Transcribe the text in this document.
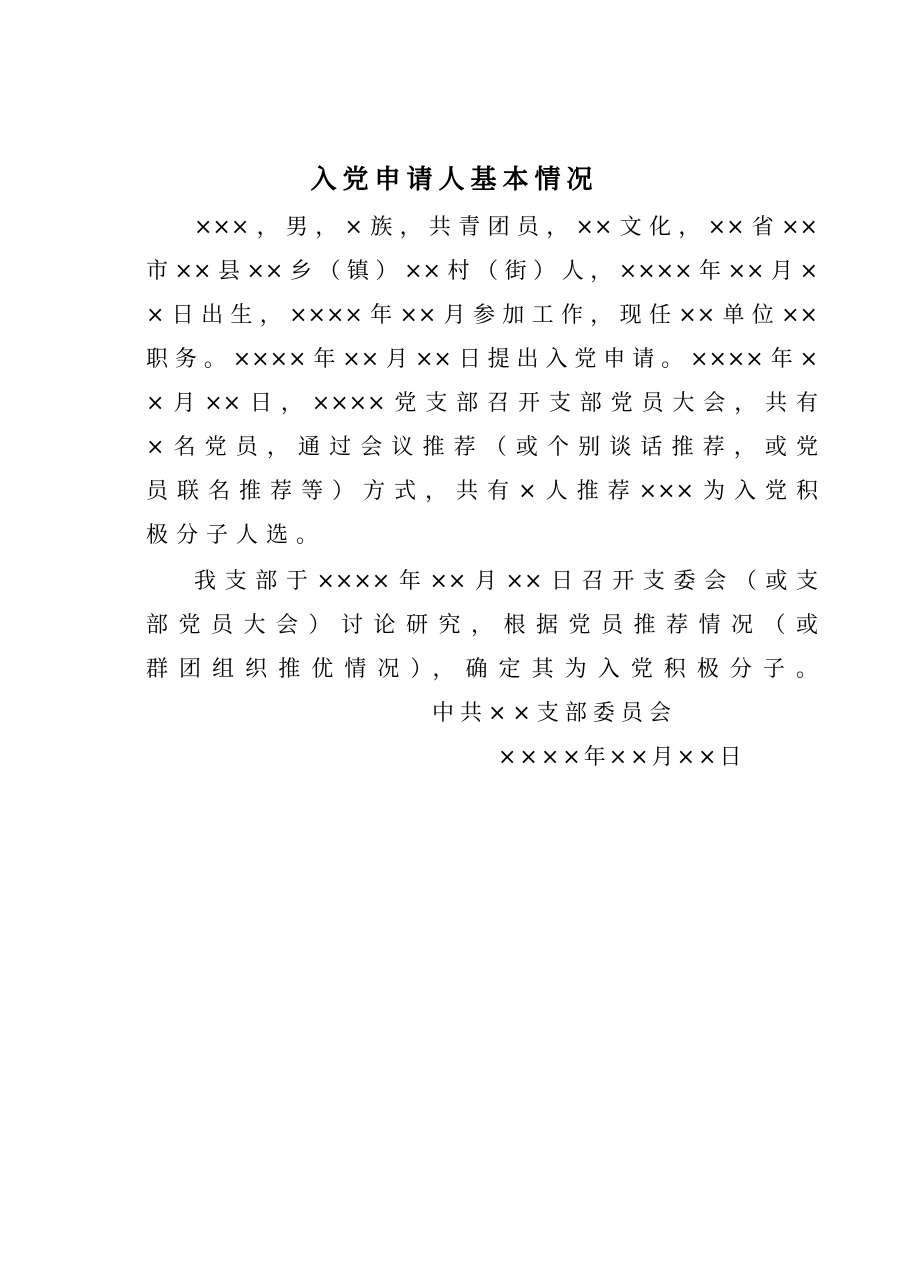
入党申请人基本情况
×××，男，×族，共青团员，××文化，××省××
市××县××乡（镇）××村（街）人，××××年××月×
×日出生，××××年××月参加工作，现任××单位××
职务。××××年××月××日提出入党申请。××××年×
×月××日，××××党支部召开支部党员大会，共有
×名党员，通过会议推荐（或个别谈话推荐，或党
员联名推荐等）方式，共有×人推荐×××为入党积
极分子人选。
我支部于××××年××月××日召开支委会（或支
部党员大会）讨论研究，根据党员推荐情况（或
群团组织推优情况），确定其为入党积极分子。
中共××支部委员会
××××年××月××日
